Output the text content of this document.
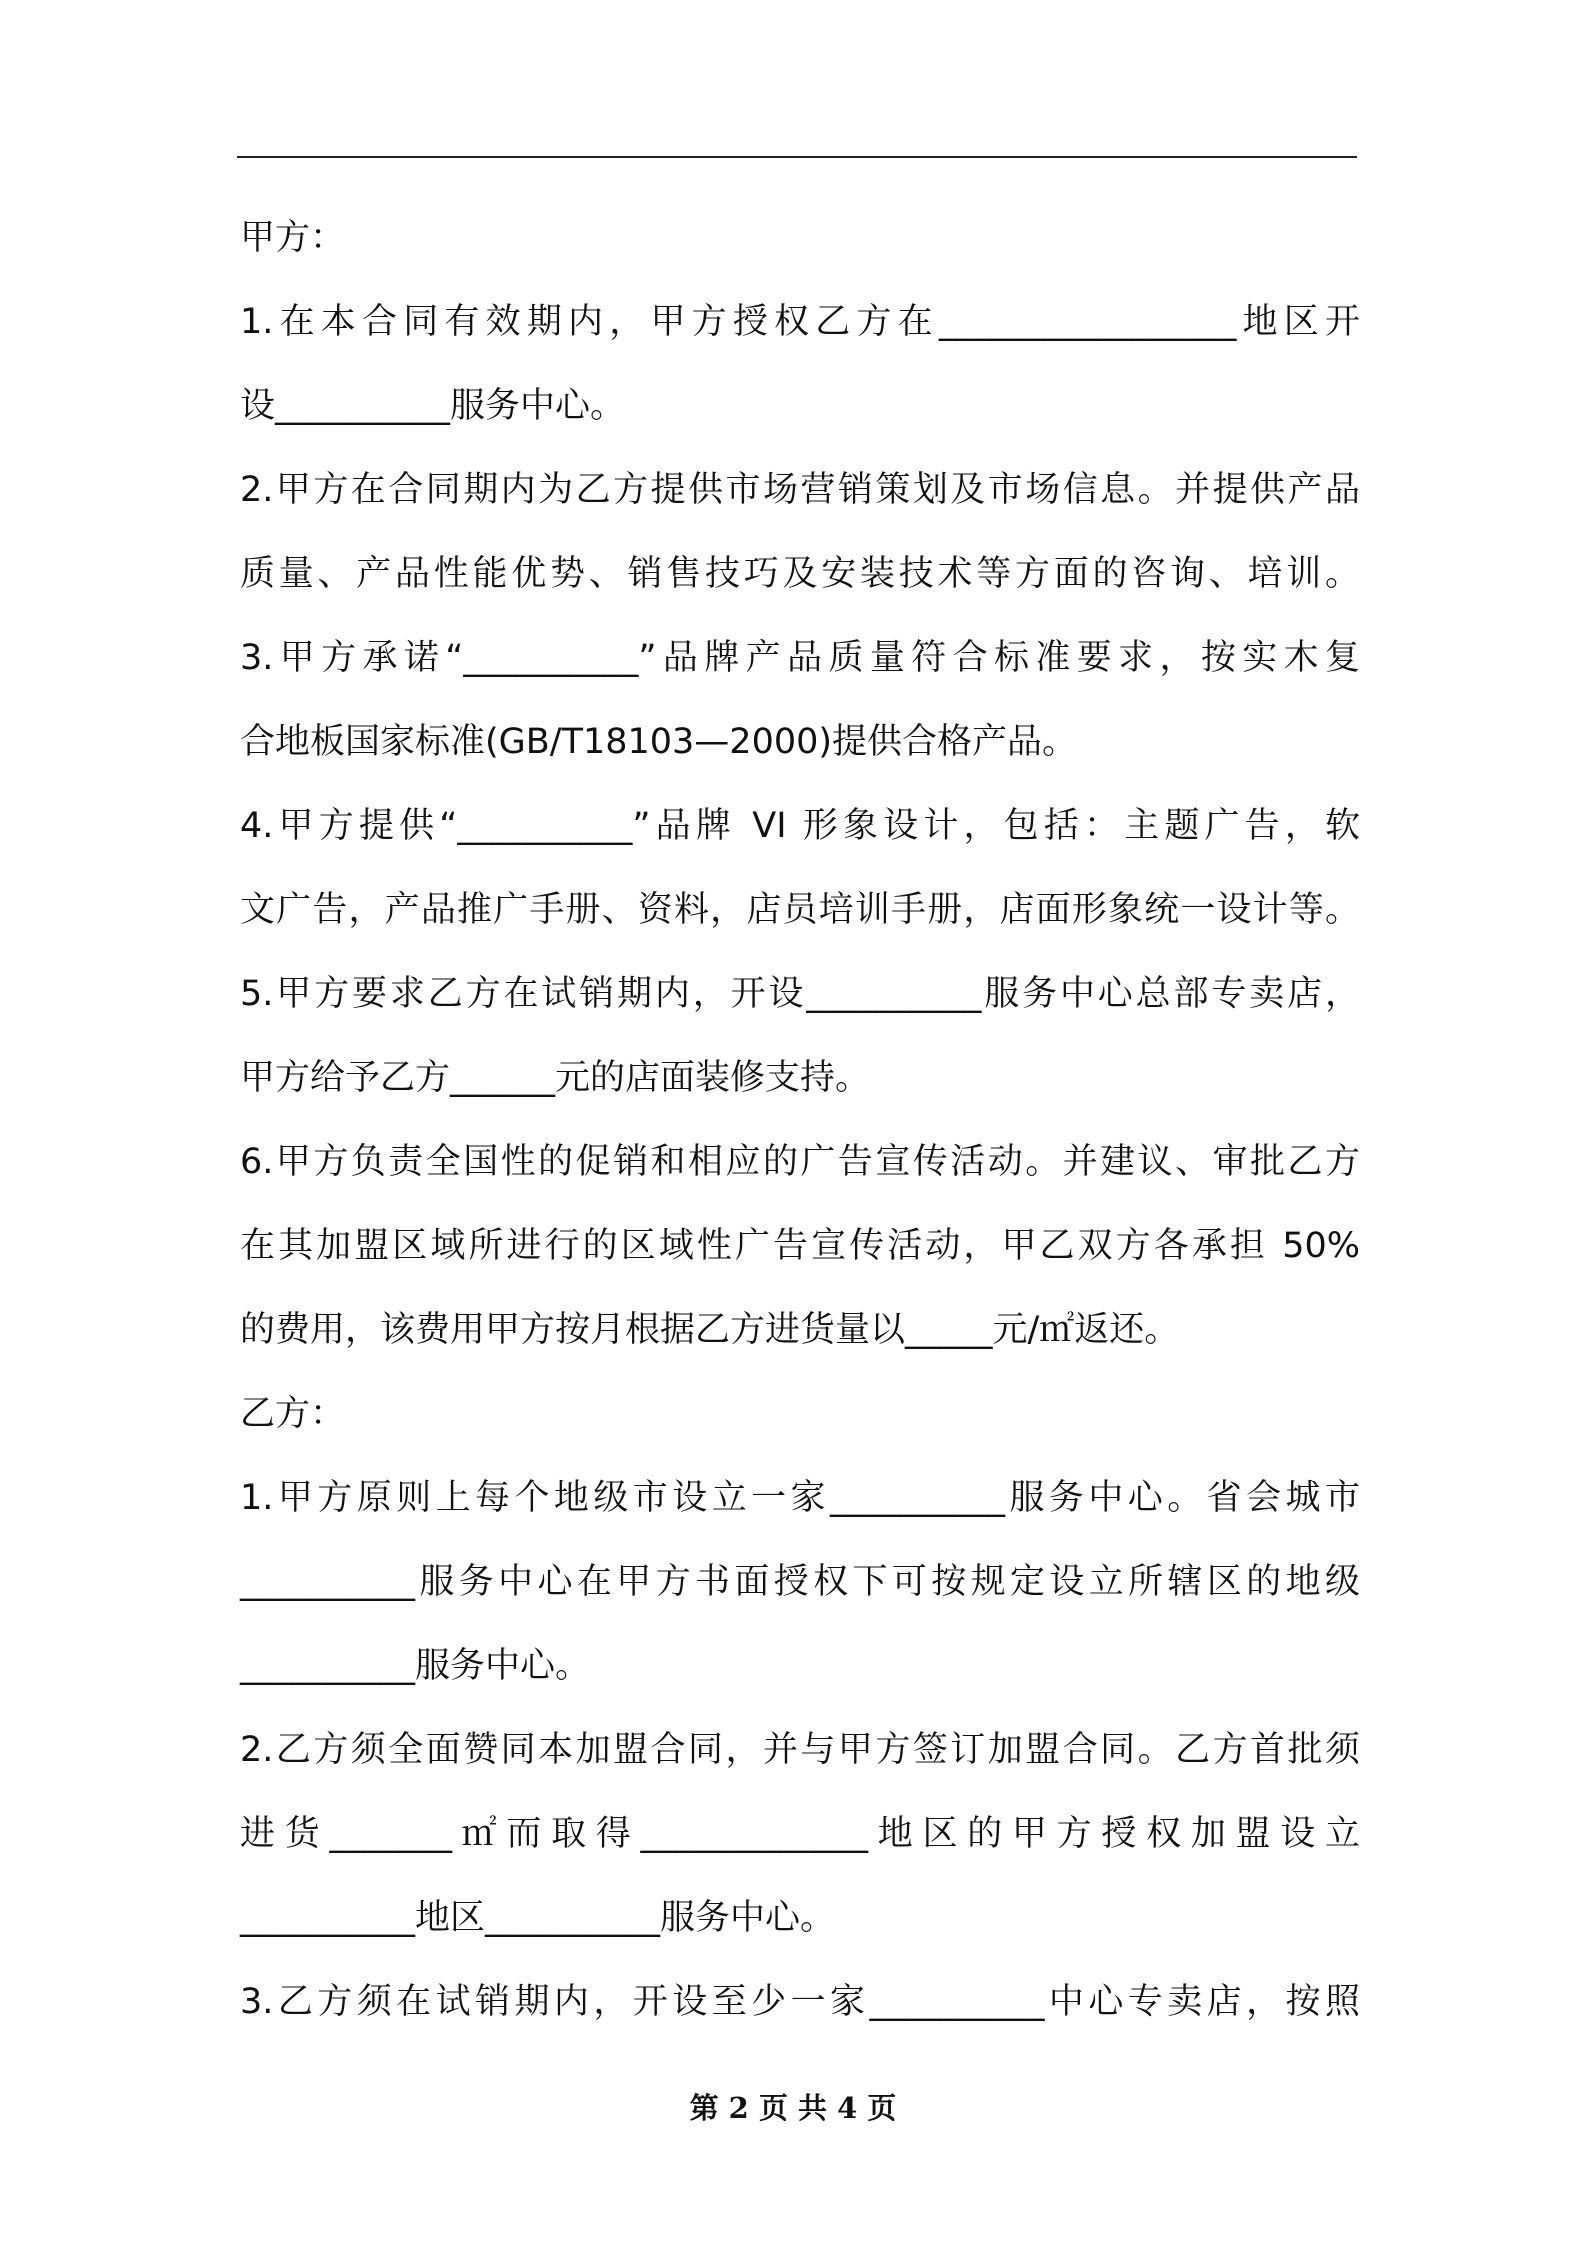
甲方：
1.在本合同有效期内，甲方授权乙方在_________________地区开
设__________服务中心。
2.甲方在合同期内为乙方提供市场营销策划及市场信息。并提供产品
质量、产品性能优势、销售技巧及安装技术等方面的咨询、培训。
3.甲方承诺“__________”品牌产品质量符合标准要求，按实木复
合地板国家标准(GB/T18103—2000)提供合格产品。
4.甲方提供“__________”品牌 VI 形象设计，包括：主题广告，软
文广告，产品推广手册、资料，店员培训手册，店面形象统一设计等。
5.甲方要求乙方在试销期内，开设__________服务中心总部专卖店，
甲方给予乙方______元的店面装修支持。
6.甲方负责全国性的促销和相应的广告宣传活动。并建议、审批乙方
在其加盟区域所进行的区域性广告宣传活动，甲乙双方各承担 50%
的费用，该费用甲方按月根据乙方进货量以_____元/㎡返还。
乙方：
1.甲方原则上每个地级市设立一家__________服务中心。省会城市
__________服务中心在甲方书面授权下可按规定设立所辖区的地级
__________服务中心。
2.乙方须全面赞同本加盟合同，并与甲方签订加盟合同。乙方首批须
进货_______㎡而取得_____________地区的甲方授权加盟设立
__________地区__________服务中心。
3.乙方须在试销期内，开设至少一家__________中心专卖店，按照
第 2 页 共 4 页
